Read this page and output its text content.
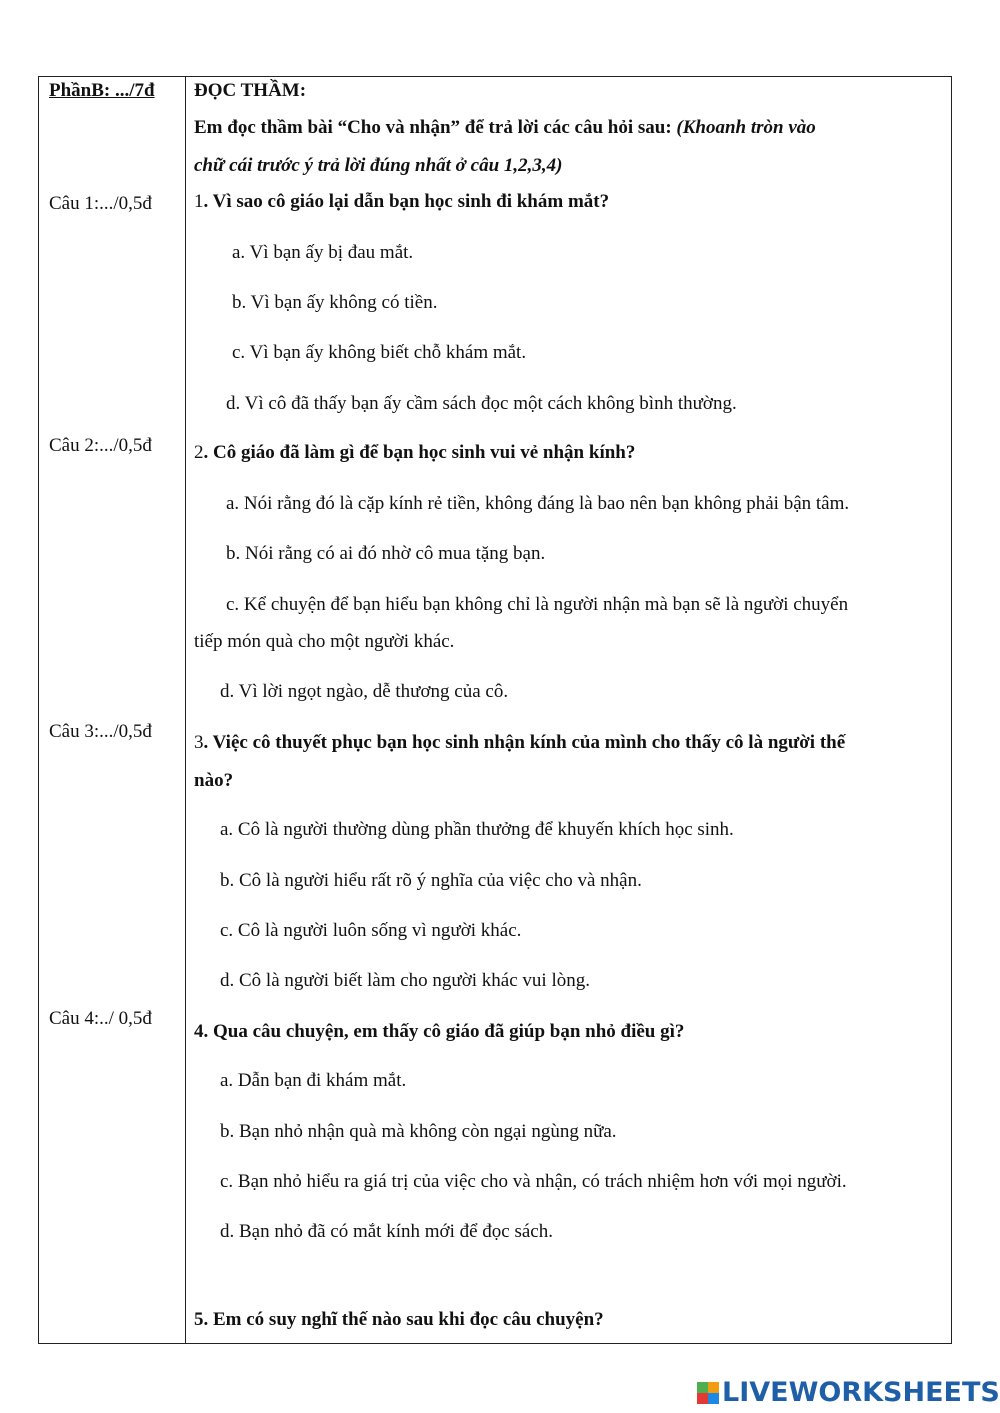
PhầnB: .../7đ
Câu 1:.../0,5đ
Câu 2:.../0,5đ
Câu 3:.../0,5đ
Câu 4:../ 0,5đ
ĐỌC THẦM:
Em đọc thầm bài “Cho và nhận” để trả lời các câu hỏi sau: (Khoanh tròn vào
chữ cái trước ý trả lời đúng nhất ở câu 1,2,3,4)
1. Vì sao cô giáo lại dẫn bạn học sinh đi khám mắt?
a. Vì bạn ấy bị đau mắt.
b. Vì bạn ấy không có tiền.
c. Vì bạn ấy không biết chỗ khám mắt.
d. Vì cô đã thấy bạn ấy cầm sách đọc một cách không bình thường.
2. Cô giáo đã làm gì để bạn học sinh vui vẻ nhận kính?
a. Nói rằng đó là cặp kính rẻ tiền, không đáng là bao nên bạn không phải bận tâm.
b. Nói rằng có ai đó nhờ cô mua tặng bạn.
c. Kể chuyện để bạn hiểu bạn không chỉ là người nhận mà bạn sẽ là người chuyển
tiếp món quà cho một người khác.
d. Vì lời ngọt ngào, dễ thương của cô.
3. Việc cô thuyết phục bạn học sinh nhận kính của mình cho thấy cô là người thế
nào?
a. Cô là người thường dùng phần thưởng để khuyến khích học sinh.
b. Cô là người hiểu rất rõ ý nghĩa của việc cho và nhận.
c. Cô là người luôn sống vì người khác.
d. Cô là người biết làm cho người khác vui lòng.
4. Qua câu chuyện, em thấy cô giáo đã giúp bạn nhỏ điều gì?
a. Dẫn bạn đi khám mắt.
b. Bạn nhỏ nhận quà mà không còn ngại ngùng nữa.
c. Bạn nhỏ hiểu ra giá trị của việc cho và nhận, có trách nhiệm hơn với mọi người.
d. Bạn nhỏ đã có mắt kính mới để đọc sách.
5. Em có suy nghĩ thế nào sau khi đọc câu chuyện?
LIVEWORKSHEETS
